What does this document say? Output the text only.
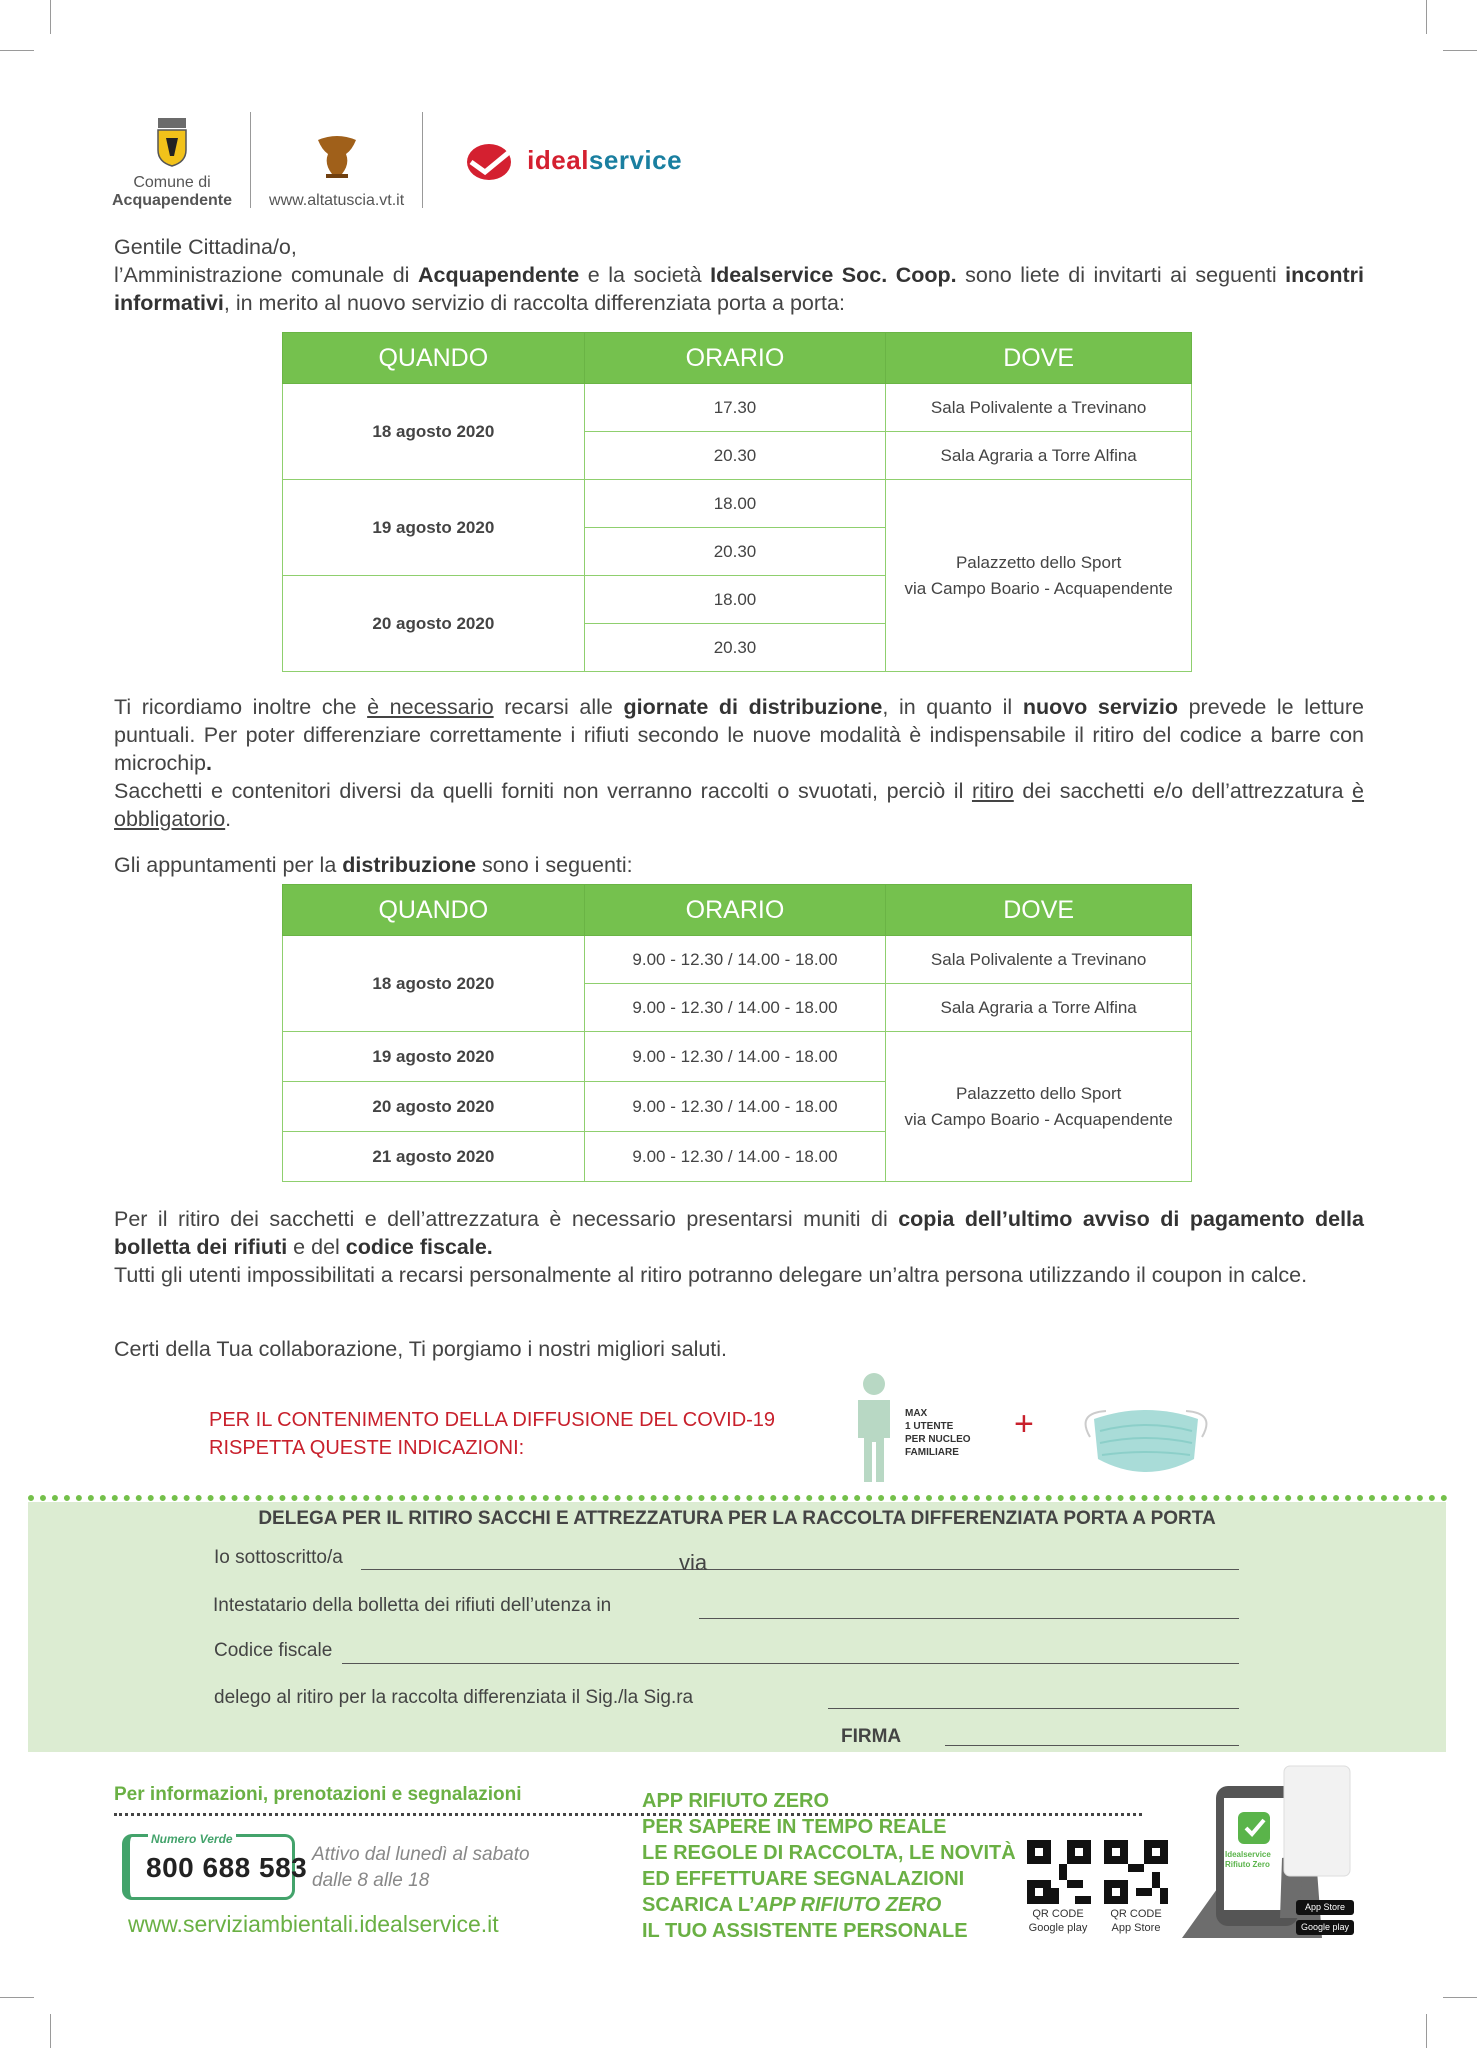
Comune di
Acquapendente www.altatuscia.vt.it
idealservice
Gentile Cittadina/o,
l’Amministrazione comunale di Acquapendente e la società Idealservice Soc. Coop. sono liete di invitarti ai seguenti incontri informativi, in merito al nuovo servizio di raccolta differenziata porta a porta:
QUANDO	ORARIO	DOVE
18 agosto 2020	17.30	Sala Polivalente a Trevinano
	20.30	Sala Agraria a Torre Alfina
19 agosto 2020	18.00	Palazzetto dello Sport
via Campo Boario - Acquapendente

	20.30	
20 agosto 2020	18.00	
	20.30	
Ti ricordiamo inoltre che è necessario recarsi alle giornate di distribuzione, in quanto il nuovo servizio prevede le letture puntuali. Per poter differenziare correttamente i rifiuti secondo le nuove modalità è indispensabile il ritiro del codice a barre con microchip.
Sacchetti e contenitori diversi da quelli forniti non verranno raccolti o svuotati, perciò il ritiro dei sacchetti e/o dell’attrezzatura è obbligatorio.
Gli appuntamenti per la distribuzione sono i seguenti:
QUANDO	ORARIO	DOVE
18 agosto 2020	9.00 - 12.30 / 14.00 - 18.00	Sala Polivalente a Trevinano
	9.00 - 12.30 / 14.00 - 18.00	Sala Agraria a Torre Alfina
19 agosto 2020	9.00 - 12.30 / 14.00 - 18.00	Palazzetto dello Sport
via Campo Boario - Acquapendente

20 agosto 2020	9.00 - 12.30 / 14.00 - 18.00	
21 agosto 2020	9.00 - 12.30 / 14.00 - 18.00	
Per il ritiro dei sacchetti e dell’attrezzatura è necessario presentarsi muniti di copia dell’ultimo avviso di pagamento della bolletta dei rifiuti e del codice fiscale.
Tutti gli utenti impossibilitati a recarsi personalmente al ritiro potranno delegare un’altra persona utilizzando il coupon in calce.
Certi della Tua collaborazione, Ti porgiamo i nostri migliori saluti.
PER IL CONTENIMENTO DELLA DIFFUSIONE DEL COVID-19
RISPETTA QUESTE INDICAZIONI:
MAX
1 UTENTE
PER NUCLEO
FAMILIARE
+
DELEGA PER IL RITIRO SACCHI E ATTREZZATURA PER LA RACCOLTA DIFFERENZIATA PORTA A PORTA
Io sottoscritto/a	via
Intestatario della bolletta dei rifiuti dell’utenza in
Codice fiscale
delego al ritiro per la raccolta differenziata il Sig./la Sig.ra
FIRMA
Per informazioni, prenotazioni e segnalazioni
Numero Verde
800 688 583 Attivo dal lunedì al sabato
dalle 8 alle 18
www.serviziambientali.idealservice.it
APP RIFIUTO ZERO
PER SAPERE IN TEMPO REALE
LE REGOLE DI RACCOLTA, LE NOVITÀ
ED EFFETTUARE SEGNALAZIONI
SCARICA L’APP RIFIUTO ZERO
IL TUO ASSISTENTE PERSONALE
QR CODE
Google play
QR CODE
App Store
Idealservice
Rifiuto Zero
App Store
Google play
